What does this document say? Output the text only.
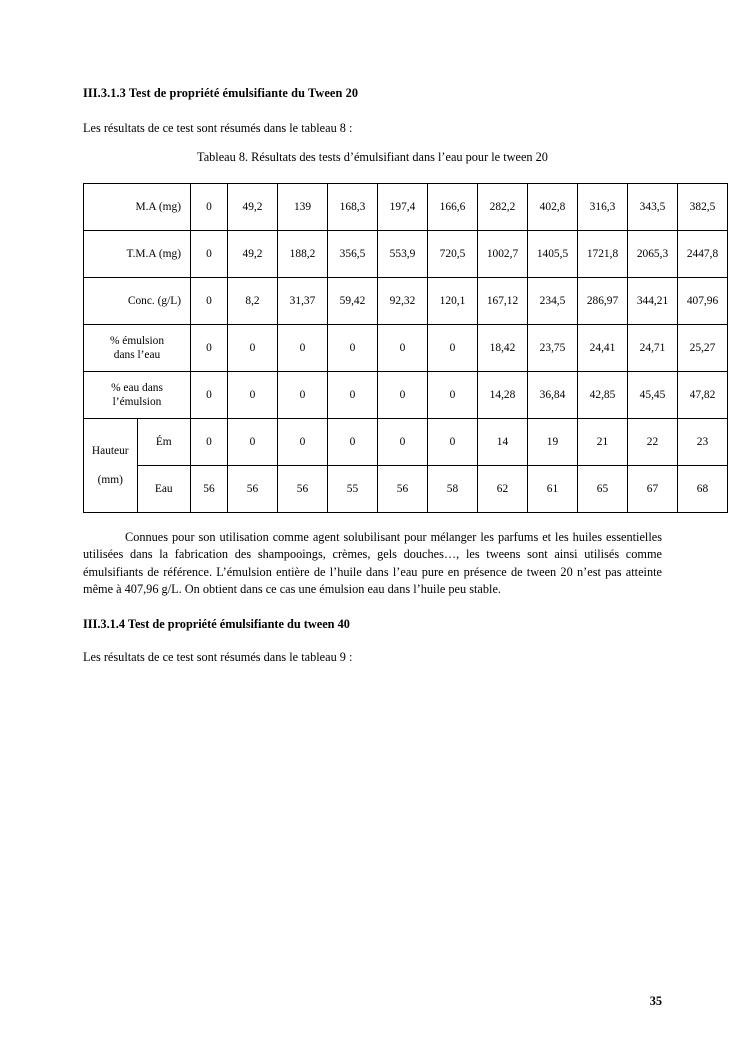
III.3.1.3 Test de propriété émulsifiante du Tween 20
Les résultats de ce test sont résumés dans le tableau 8 :
Tableau 8. Résultats des tests d’émulsifiant dans l’eau pour le tween 20
M.A (mg)		0	49,2	139	168,3	197,4	166,6	282,2	402,8	316,3	343,5	382,5
T.M.A (mg)		0	49,2	188,2	356,5	553,9	720,5	1002,7	1405,5	1721,8	2065,3	2447,8
Conc. (g/L)		0	8,2	31,37	59,42	92,32	120,1	167,12	234,5	286,97	344,21	407,96

% émulsion
dans l’eau		0	0	0	0	0	0	18,42	23,75	24,41	24,71	25,27

% eau dans
l’émulsion		0	0	0	0	0	0	14,28	36,84	42,85	45,45	47,82

Hauteur
(mm)	Ém	0	0	0	0	0	0	14	19	21	22	23
	Eau	56	56	56	55	56	58	62	61	65	67	68
Connues pour son utilisation comme agent solubilisant pour mélanger les parfums et les huiles essentielles utilisées dans la fabrication des shampooings, crèmes, gels douches…, les tweens sont ainsi utilisés comme émulsifiants de référence. L’émulsion entière de l’huile dans l’eau pure en présence de tween 20 n’est pas atteinte même à 407,96 g/L. On obtient dans ce cas une émulsion eau dans l’huile peu stable.
III.3.1.4 Test de propriété émulsifiante du tween 40
Les résultats de ce test sont résumés dans le tableau 9 :
35
